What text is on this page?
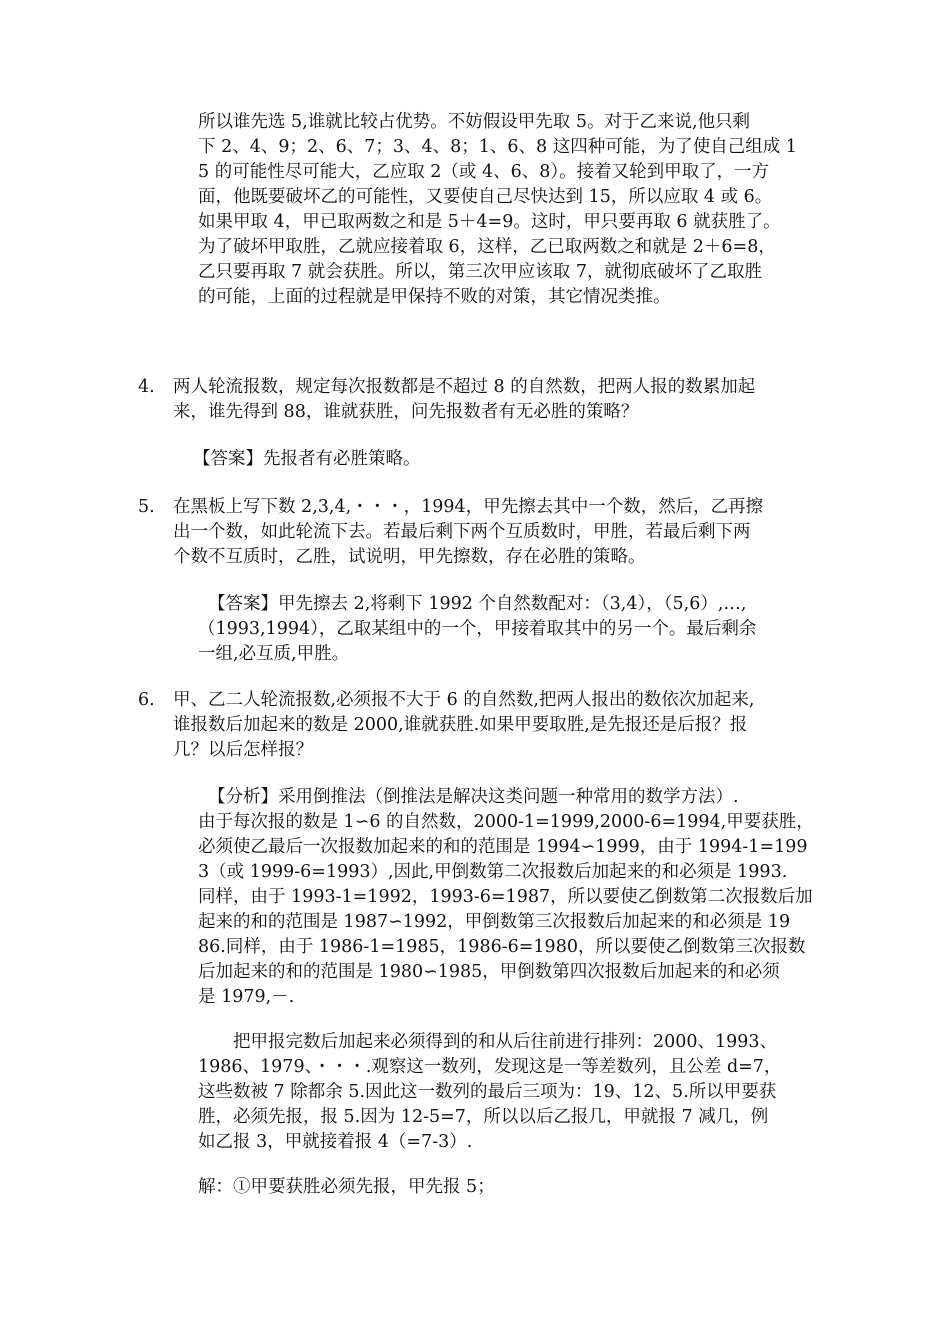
所以谁先选 5,谁就比较占优势。不妨假设甲先取 5。对于乙来说,他只剩
下 2、4、9；2、6、7；3、4、8；1、6、8 这四种可能，为了使自己组成 1
5 的可能性尽可能大，乙应取 2（或 4、6、8）。接着又轮到甲取了，一方
面，他既要破坏乙的可能性，又要使自己尽快达到 15，所以应取 4 或 6。
如果甲取 4，甲已取两数之和是 5＋4=9。这时，甲只要再取 6 就获胜了。
为了破坏甲取胜，乙就应接着取 6，这样，乙已取两数之和就是 2＋6=8，
乙只要再取 7 就会获胜。所以，第三次甲应该取 7，就彻底破坏了乙取胜
的可能，上面的过程就是甲保持不败的对策，其它情况类推。
4. 两人轮流报数，规定每次报数都是不超过 8 的自然数，把两人报的数累加起
来，谁先得到 88，谁就获胜，问先报数者有无必胜的策略？
【答案】先报者有必胜策略。
5. 在黑板上写下数 2,3,4,・・・，1994，甲先擦去其中一个数，然后，乙再擦
出一个数，如此轮流下去。若最后剩下两个互质数时，甲胜，若最后剩下两
个数不互质时，乙胜，试说明，甲先擦数，存在必胜的策略。
【答案】甲先擦去 2,将剩下 1992 个自然数配对：（3,4），（5,6）,…,
（1993,1994），乙取某组中的一个，甲接着取其中的另一个。最后剩余
一组,必互质,甲胜。
6. 甲、乙二人轮流报数,必须报不大于 6 的自然数,把两人报出的数依次加起来,
谁报数后加起来的数是 2000,谁就获胜.如果甲要取胜,是先报还是后报？报
几？以后怎样报？
【分析】采用倒推法（倒推法是解决这类问题一种常用的数学方法）.
由于每次报的数是 1∽6 的自然数，2000-1=1999,2000-6=1994,甲要获胜，
必须使乙最后一次报数加起来的和的范围是 1994∽1999，由于 1994-1=199
3（或 1999-6=1993）,因此,甲倒数第二次报数后加起来的和必须是 1993.
同样，由于 1993-1=1992，1993-6=1987，所以要使乙倒数第二次报数后加
起来的和的范围是 1987∽1992，甲倒数第三次报数后加起来的和必须是 19
86.同样，由于 1986-1=1985，1986-6=1980，所以要使乙倒数第三次报数
后加起来的和的范围是 1980∽1985，甲倒数第四次报数后加起来的和必须
是 1979,－.
把甲报完数后加起来必须得到的和从后往前进行排列：2000、1993、
1986、1979、・・・.观察这一数列，发现这是一等差数列，且公差 d=7，
这些数被 7 除都余 5.因此这一数列的最后三项为：19、12、5.所以甲要获
胜，必须先报，报 5.因为 12-5=7，所以以后乙报几，甲就报 7 减几，例
如乙报 3，甲就接着报 4（=7-3）.
解：①甲要获胜必须先报，甲先报 5；
